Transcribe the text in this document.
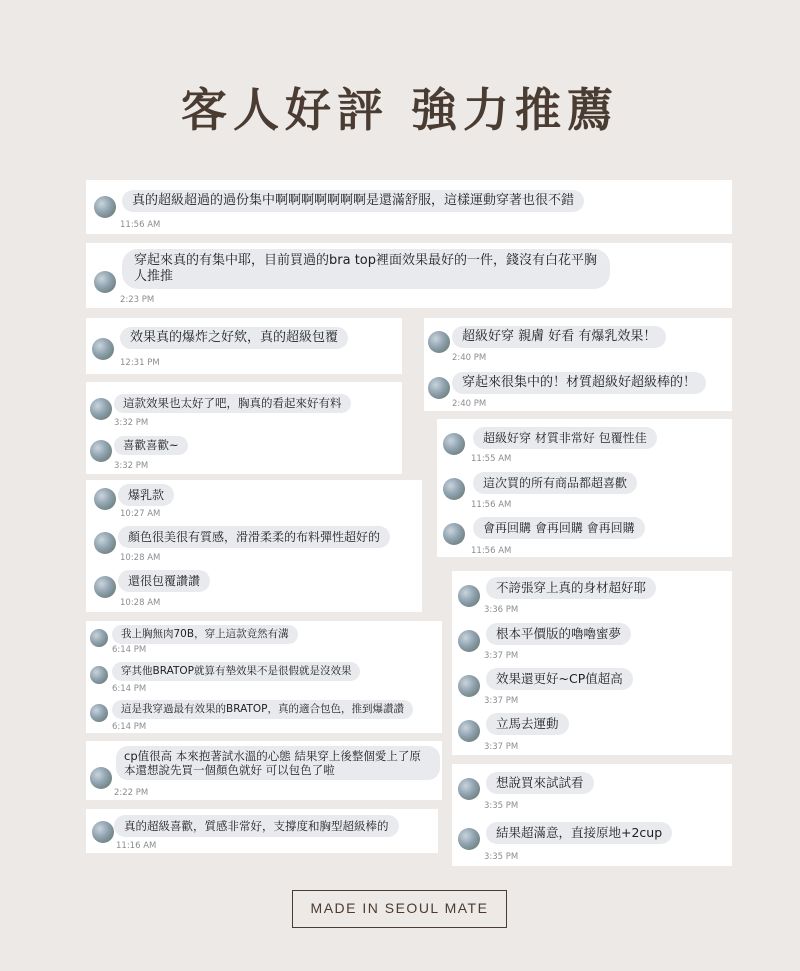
客人好評 強力推薦
真的超級超過的過份集中啊啊啊啊啊啊啊是還滿舒服，這樣運動穿著也很不錯
11:56 AM
穿起來真的有集中耶，目前買過的bra top裡面效果最好的一件，錢沒有白花平胸人推推
2:23 PM
效果真的爆炸之好欸，真的超級包覆
12:31 PM
超級好穿 親膚 好看 有爆乳效果！
2:40 PM
穿起來很集中的！材質超級好超級棒的！
2:40 PM
這款效果也太好了吧，胸真的看起來好有料
3:32 PM
喜歡喜歡~
3:32 PM
超級好穿 材質非常好 包覆性佳
11:55 AM
這次買的所有商品都超喜歡
11:56 AM
會再回購 會再回購 會再回購
11:56 AM
爆乳款
10:27 AM
顏色很美很有質感，滑滑柔柔的布料彈性超好的
10:28 AM
還很包覆讚讚
10:28 AM
不誇張穿上真的身材超好耶
3:36 PM
根本平價版的嚕嚕蜜夢
3:37 PM
效果還更好~CP值超高
3:37 PM
立馬去運動
3:37 PM
我上胸無肉70B，穿上這款竟然有溝
6:14 PM
穿其他BRATOP就算有墊效果不是很假就是沒效果
6:14 PM
這是我穿過最有效果的BRATOP，真的適合包色，推到爆讚讚
6:14 PM
cp值很高 本來抱著試水溫的心態 結果穿上後整個愛上了原本還想說先買一個顏色就好 可以包色了啦
2:22 PM
想說買來試試看
3:35 PM
結果超滿意，直接原地+2cup
3:35 PM
真的超級喜歡，質感非常好，支撐度和胸型超級棒的
11:16 AM
MADE IN SEOUL MATE
